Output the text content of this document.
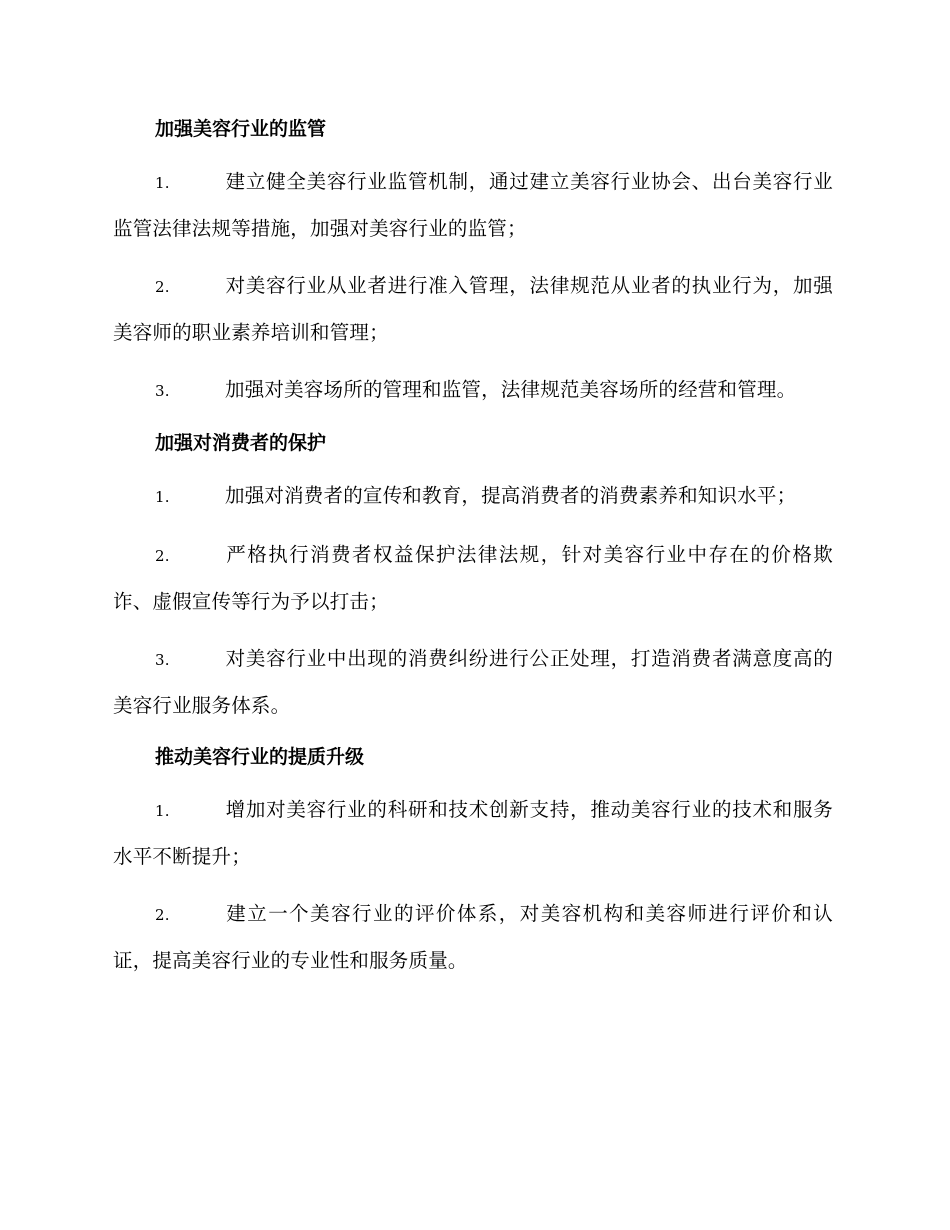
加强美容行业的监管

1.	建立健全美容行业监管机制，通过建立美容行业协会、出台美容行业监管法律法规等措施，加强对美容行业的监管；

2.	对美容行业从业者进行准入管理，法律规范从业者的执业行为，加强美容师的职业素养培训和管理；

3.	加强对美容场所的管理和监管，法律规范美容场所的经营和管理。

加强对消费者的保护

1.	加强对消费者的宣传和教育，提高消费者的消费素养和知识水平；

2.	严格执行消费者权益保护法律法规，针对美容行业中存在的价格欺诈、虚假宣传等行为予以打击；

3.	对美容行业中出现的消费纠纷进行公正处理，打造消费者满意度高的美容行业服务体系。

推动美容行业的提质升级

1.	增加对美容行业的科研和技术创新支持，推动美容行业的技术和服务水平不断提升；

2.	建立一个美容行业的评价体系，对美容机构和美容师进行评价和认证，提高美容行业的专业性和服务质量。
